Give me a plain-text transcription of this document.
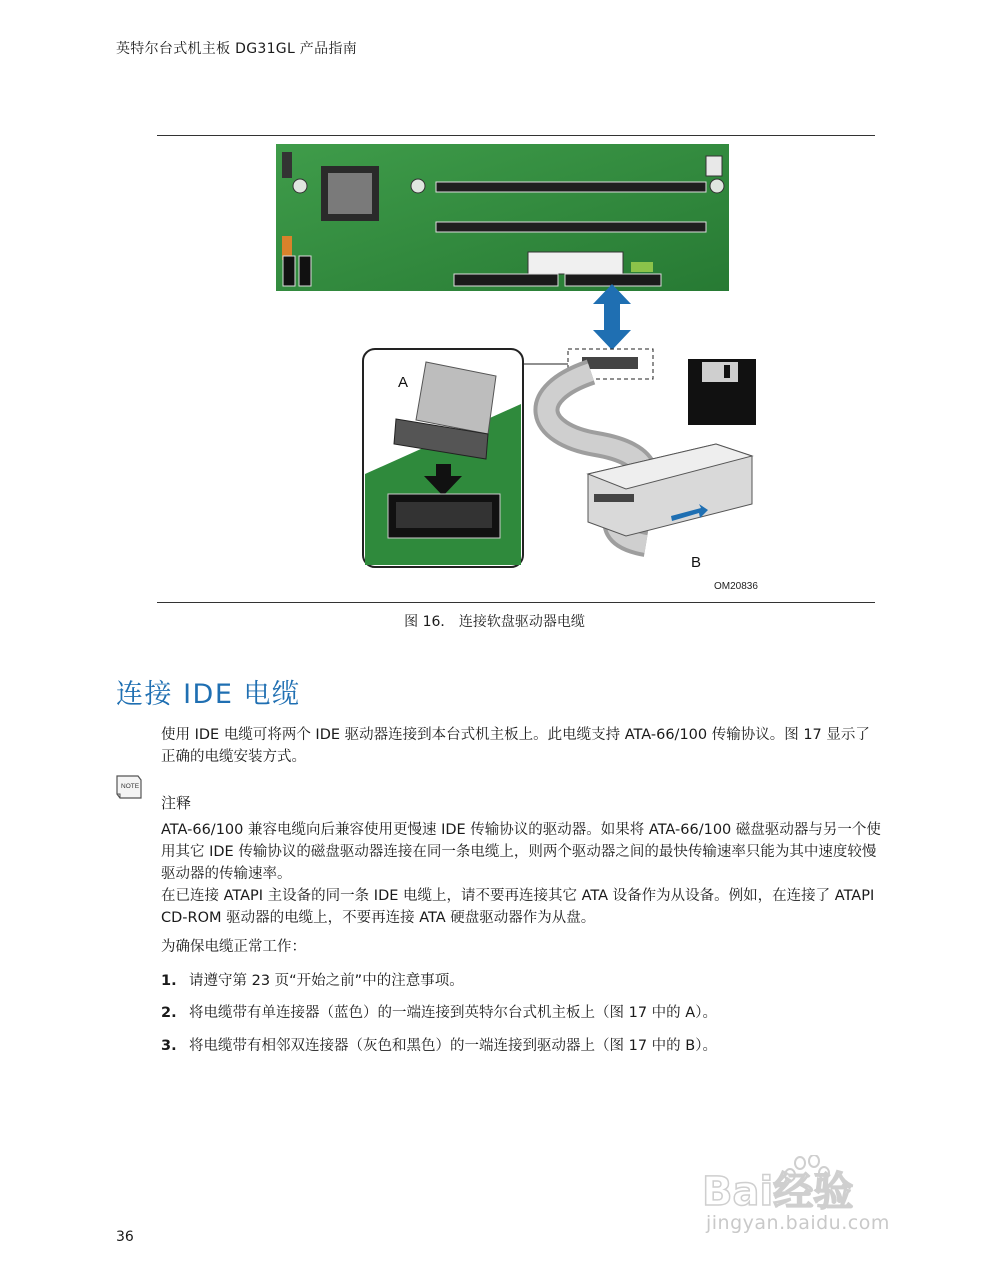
英特尔台式机主板 DG31GL 产品指南
A
B
OM20836
图 16． 连接软盘驱动器电缆
连接 IDE 电缆
使用 IDE 电缆可将两个 IDE 驱动器连接到本台式机主板上。此电缆支持 ATA-66/100 传输协议。图 17 显示了正确的电缆安装方式。
NOTE
注释
ATA-66/100 兼容电缆向后兼容使用更慢速 IDE 传输协议的驱动器。如果将 ATA-66/100 磁盘驱动器与另一个使用其它 IDE 传输协议的磁盘驱动器连接在同一条电缆上，则两个驱动器之间的最快传输速率只能为其中速度较慢驱动器的传输速率。
在已连接 ATAPI 主设备的同一条 IDE 电缆上，请不要再连接其它 ATA 设备作为从设备。例如，在连接了 ATAPI CD-ROM 驱动器的电缆上，不要再连接 ATA 硬盘驱动器作为从盘。
为确保电缆正常工作：
1. 请遵守第 23 页“开始之前”中的注意事项。
2. 将电缆带有单连接器（蓝色）的一端连接到英特尔台式机主板上（图 17 中的 A）。
3. 将电缆带有相邻双连接器（灰色和黑色）的一端连接到驱动器上（图 17 中的 B）。
Bai经验
jingyan.baidu.com
36
